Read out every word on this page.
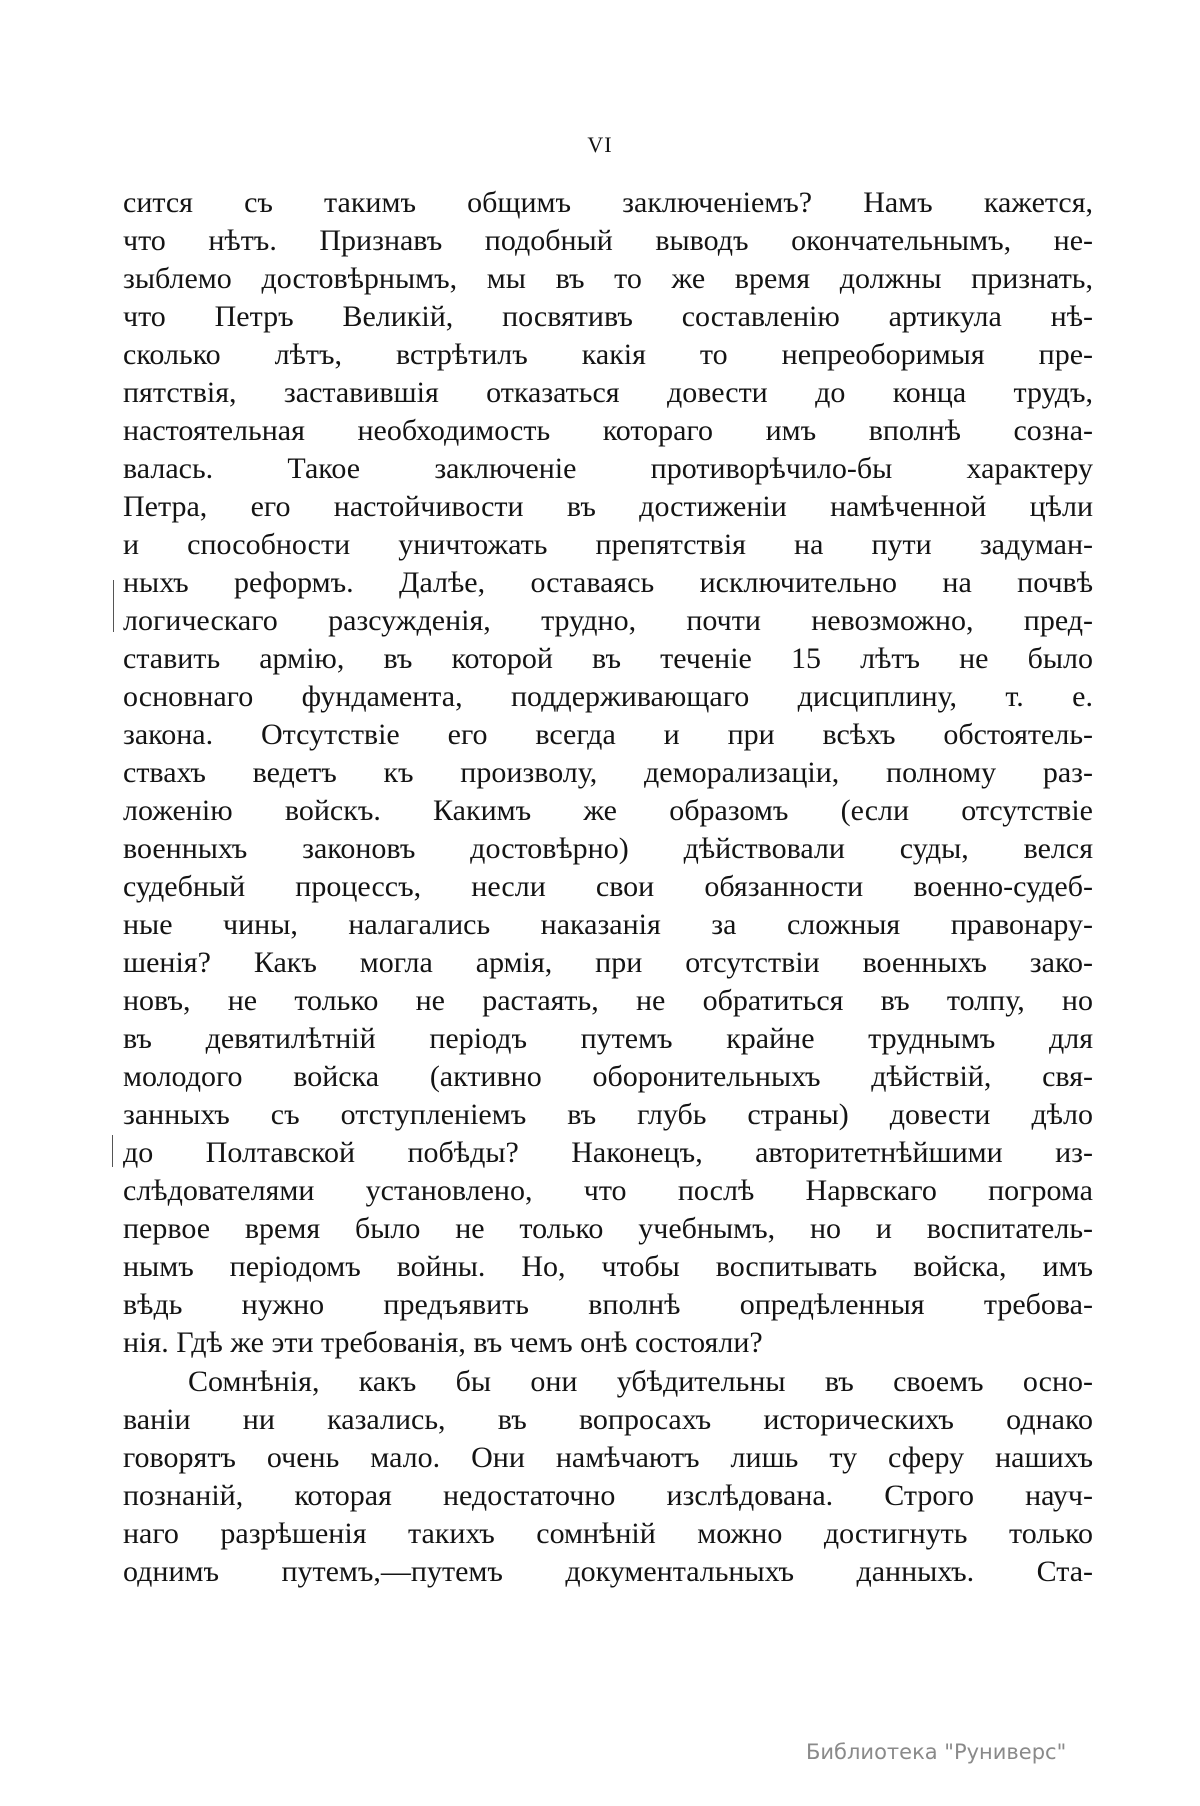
VI
сится съ такимъ общимъ заключеніемъ? Намъ кажется,
что нѣтъ. Признавъ подобный выводъ окончательнымъ, не-
зыблемо достовѣрнымъ, мы въ то же время должны признать,
что Петръ Великій, посвятивъ составленію артикула нѣ-
сколько лѣтъ, встрѣтилъ какія то непреоборимыя пре-
пятствія, заставившія отказаться довести до конца трудъ,
настоятельная необходимость котораго имъ вполнѣ созна-
валась. Такое заключеніе противорѣчило-бы характеру
Петра, его настойчивости въ достиженіи намѣченной цѣли
и способности уничтожать препятствія на пути задуман-
ныхъ реформъ. Далѣе, оставаясь исключительно на почвѣ
логическаго разсужденія, трудно, почти невозможно, пред-
ставить армію, въ которой въ теченіе 15 лѣтъ не было
основнаго фундамента, поддерживающаго дисциплину, т. е.
закона. Отсутствіе его всегда и при всѣхъ обстоятель-
ствахъ ведетъ къ произволу, деморализаціи, полному раз-
ложенію войскъ. Какимъ же образомъ (если отсутствіе
военныхъ законовъ достовѣрно) дѣйствовали суды, велся
судебный процессъ, несли свои обязанности военно-судеб-
ные чины, налагались наказанія за сложныя правонару-
шенія? Какъ могла армія, при отсутствіи военныхъ зако-
новъ, не только не растаять, не обратиться въ толпу, но
въ девятилѣтній періодъ путемъ крайне труднымъ для
молодого войска (активно оборонительныхъ дѣйствій, свя-
занныхъ съ отступленіемъ въ глубь страны) довести дѣло
до Полтавской побѣды? Наконецъ, авторитетнѣйшими из-
слѣдователями установлено, что послѣ Нарвскаго погрома
первое время было не только учебнымъ, но и воспитатель-
нымъ періодомъ войны. Но, чтобы воспитывать войска, имъ
вѣдь нужно предъявить вполнѣ опредѣленныя требова-
нія. Гдѣ же эти требованія, въ чемъ онѣ состояли?
Сомнѣнія, какъ бы они убѣдительны въ своемъ осно-
ваніи ни казались, въ вопросахъ историческихъ однако
говорятъ очень мало. Они намѣчаютъ лишь ту сферу нашихъ
познаній, которая недостаточно изслѣдована. Строго науч-
наго разрѣшенія такихъ сомнѣній можно достигнуть только
однимъ путемъ,—путемъ документальныхъ данныхъ. Ста-
Библиотека "Руниверс"
